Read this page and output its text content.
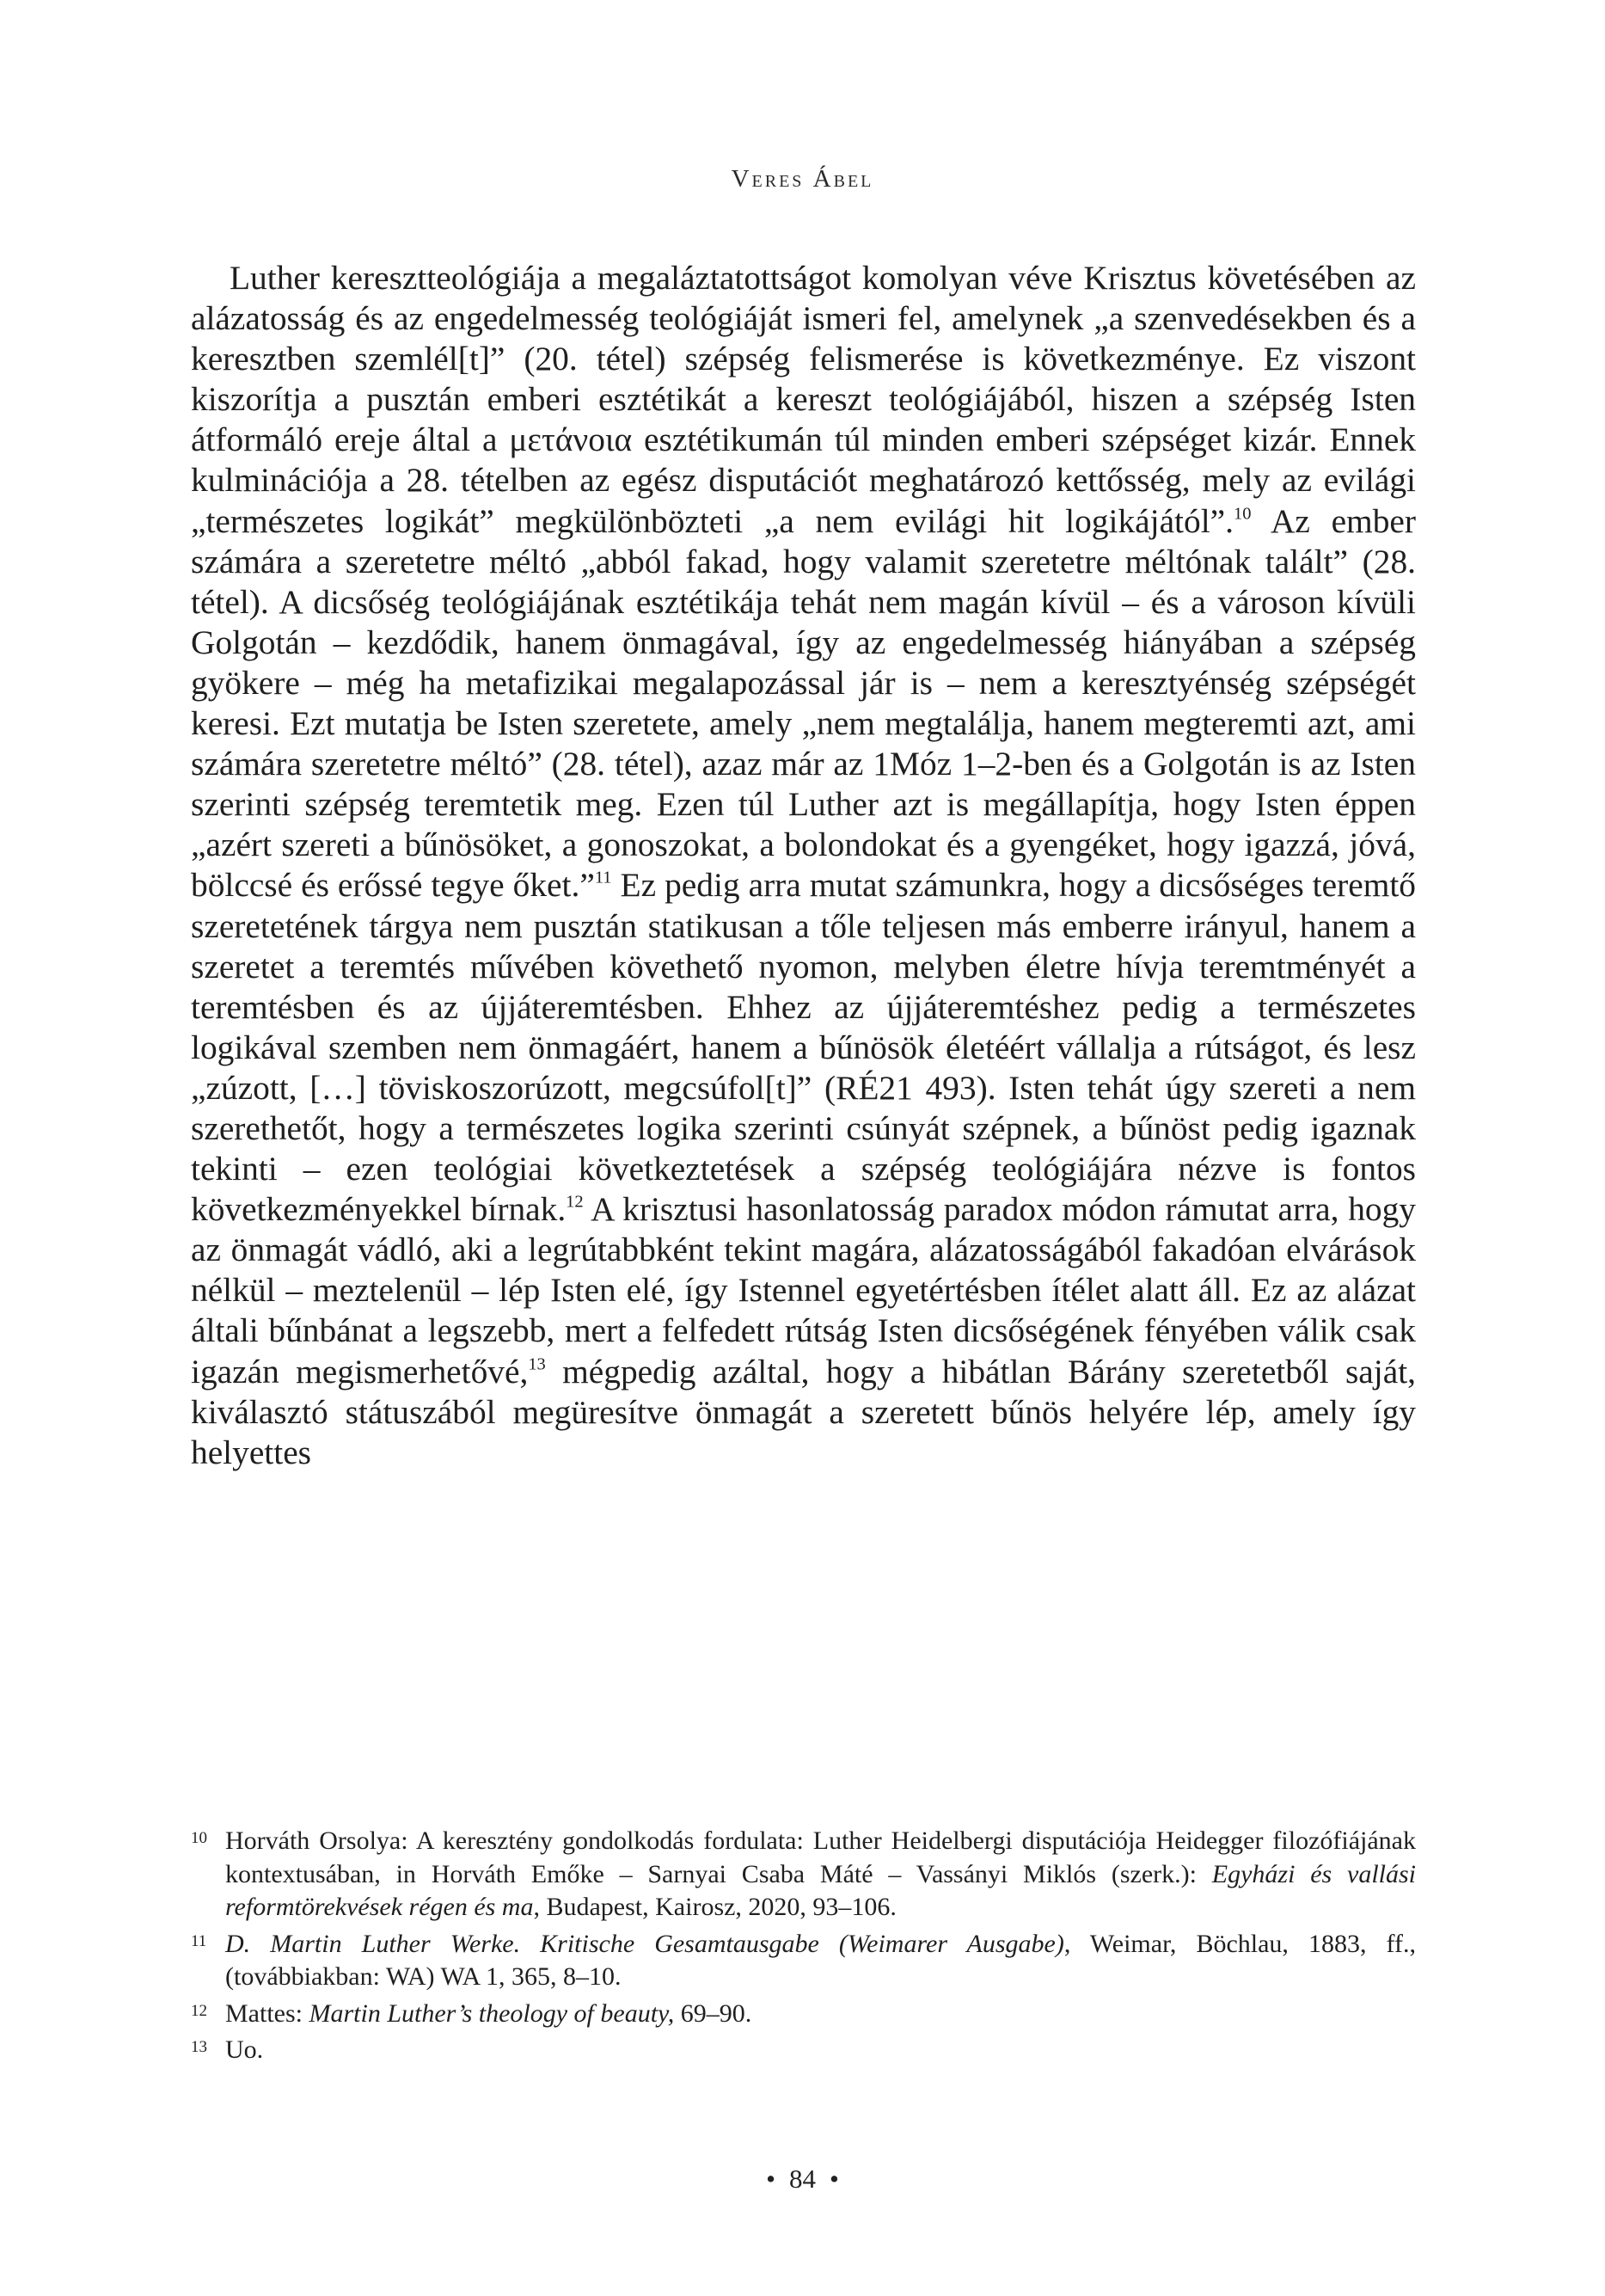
Veres Ábel

Luther keresztteológiája a megaláztatottságot komolyan véve Krisztus követésében az alázatosság és az engedelmesség teológiáját ismeri fel, amelynek „a szenvedésekben és a keresztben szemlél[t]” (20. tétel) szépség felismerése is következménye. Ez viszont kiszorítja a pusztán emberi esztétikát a kereszt teológiájából, hiszen a szépség Isten átformáló ereje által a μετάνοια esztétikumán túl minden emberi szépséget kizár. Ennek kulminációja a 28. tételben az egész disputációt meghatározó kettősség, mely az evilági „természetes logikát” megkülönbözteti „a nem evilági hit logikájától”.$^{10}$ Az ember számára a szeretetre méltó „abból fakad, hogy valamit szeretetre méltónak talált” (28. tétel). A dicsőség teológiájának esztétikája tehát nem magán kívül – és a városon kívüli Golgotán – kezdődik, hanem önmagával, így az engedelmesség hiányában a szépség gyökere – még ha metafizikai megalapozással jár is – nem a keresztyénség szépségét keresi. Ezt mutatja be Isten szeretete, amely „nem megtalálja, hanem megteremti azt, ami számára szeretetre méltó” (28. tétel), azaz már az 1Móz 1–2-ben és a Golgotán is az Isten szerinti szépség teremtetik meg. Ezen túl Luther azt is megállapítja, hogy Isten éppen „azért szereti a bűnösöket, a gonoszokat, a bolondokat és a gyengéket, hogy igazzá, jóvá, bölccsé és erőssé tegye őket.”$^{11}$ Ez pedig arra mutat számunkra, hogy a dicsőséges teremtő szeretetének tárgya nem pusztán statikusan a tőle teljesen más emberre irányul, hanem a szeretet a teremtés művében követhető nyomon, melyben életre hívja teremtményét a teremtésben és az újjáteremtésben. Ehhez az újjáteremtéshez pedig a természetes logikával szemben nem önmagáért, hanem a bűnösök életéért vállalja a rútságot, és lesz „zúzott, […] töviskoszorúzott, megcsúfol[t]” (RÉ21 493). Isten tehát úgy szereti a nem szerethetőt, hogy a természetes logika szerinti csúnyát szépnek, a bűnöst pedig igaznak tekinti – ezen teológiai következtetések a szépség teológiájára nézve is fontos következményekkel bírnak.$^{12}$ A krisztusi hasonlatosság paradox módon rámutat arra, hogy az önmagát vádló, aki a legrútabbként tekint magára, alázatosságából fakadóan elvárások nélkül – meztelenül – lép Isten elé, így Istennel egyetértésben ítélet alatt áll. Ez az alázat általi bűnbánat a legszebb, mert a felfedett rútság Isten dicsőségének fényében válik csak igazán megismerhetővé,$^{13}$ mégpedig azáltal, hogy a hibátlan Bárány szeretetből saját, kiválasztó státuszából megüresítve önmagát a szeretett bűnös helyére lép, amely így helyettes

10 Horváth Orsolya: A keresztény gondolkodás fordulata: Luther Heidelbergi disputációja Heidegger filozófiájának kontextusában, in Horváth Emőke – Sarnyai Csaba Máté – Vassányi Miklós (szerk.): Egyházi és vallási reformtörekvések régen és ma, Budapest, Kairosz, 2020, 93–106.
11 D. Martin Luther Werke. Kritische Gesamtausgabe (Weimarer Ausgabe), Weimar, Böchlau, 1883, ff., (továbbiakban: WA) WA 1, 365, 8–10.
12 Mattes: Martin Luther’s theology of beauty, 69–90.
13 Uo.
• 84 •
